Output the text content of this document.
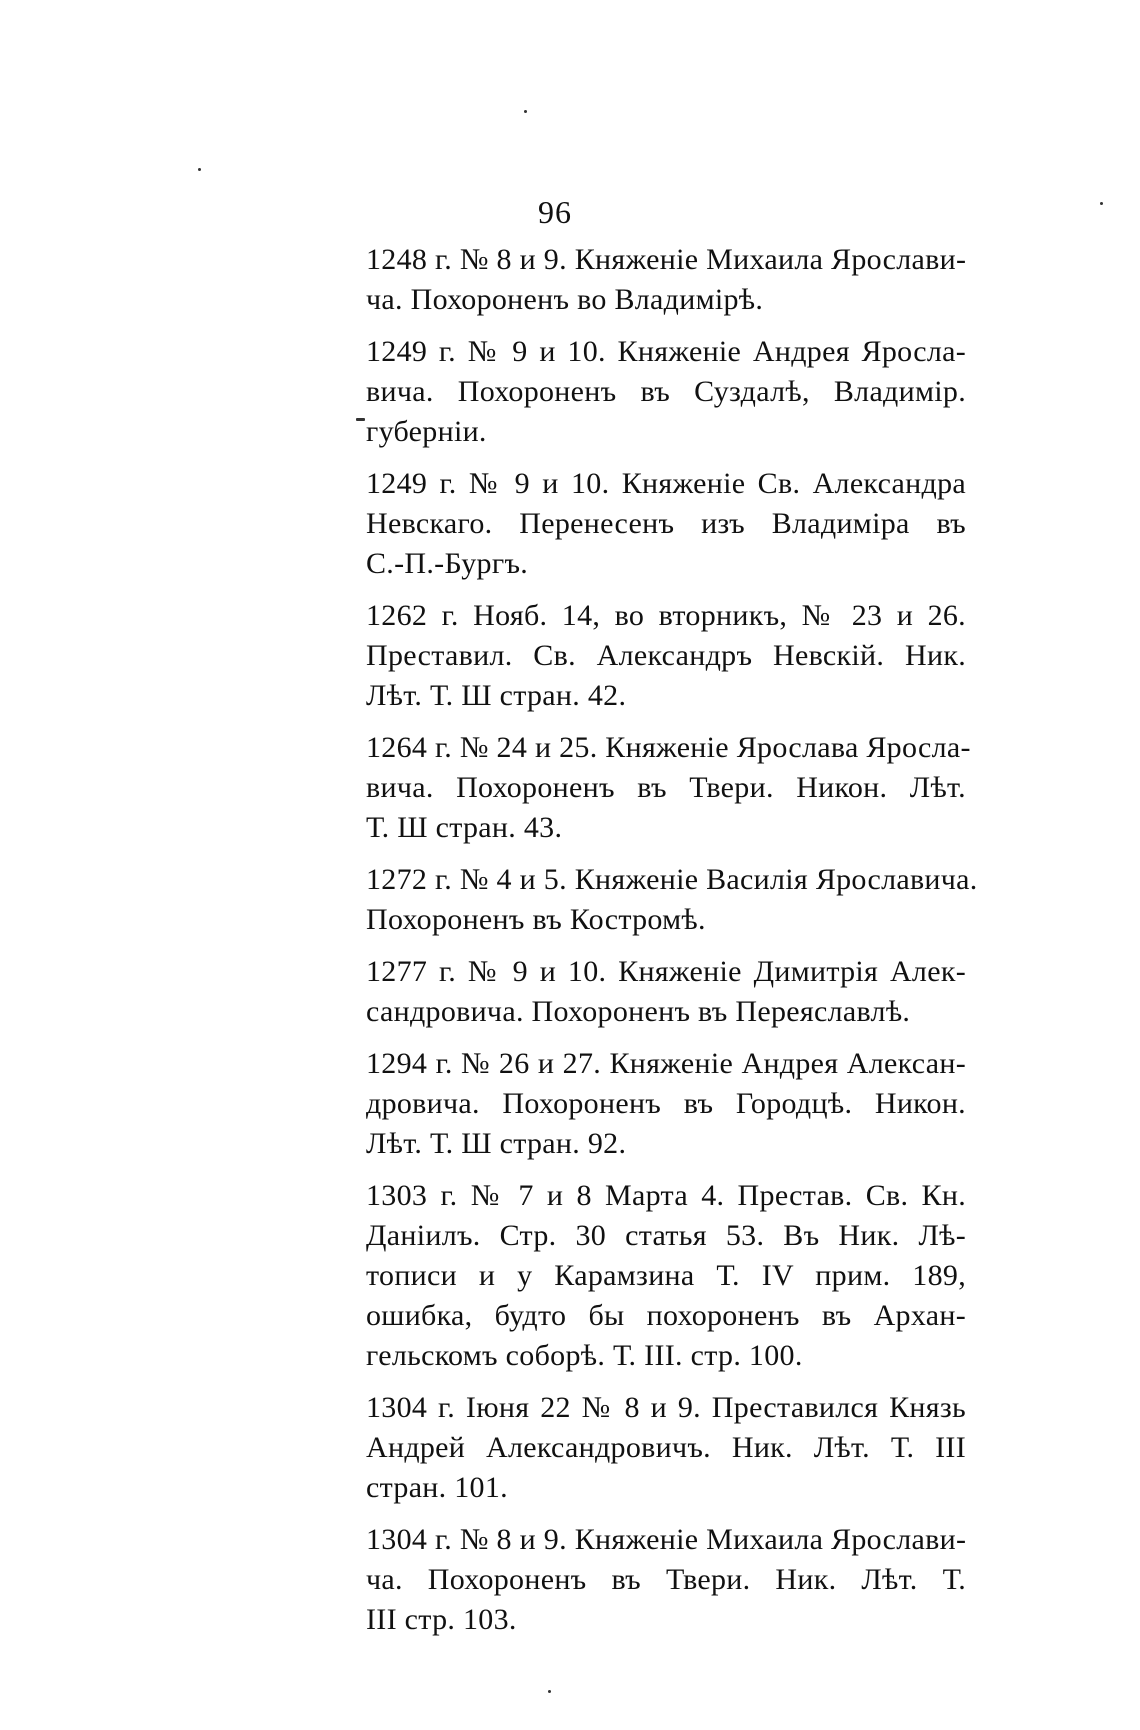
96
1248 г. № 8 и 9. Княженіе Михаила Ярослави-
ча. Похороненъ во Владимірѣ.
1249 г. № 9 и 10. Княженіе Андрея Яросла-
вича. Похороненъ въ Суздалѣ, Владимір.
губерніи.
1249 г. № 9 и 10. Княженіе Св. Александра
Невскаго. Перенесенъ изъ Владиміра въ
С.-П.-Бургъ.
1262 г. Нояб. 14, во вторникъ, № 23 и 26.
Преставил. Св. Александръ Невскій. Ник.
Лѣт. Т. Ш стран. 42.
1264 г. № 24 и 25. Княженіе Ярослава Яросла-
вича. Похороненъ въ Твери. Никон. Лѣт.
Т. Ш стран. 43.
1272 г. № 4 и 5. Княженіе Василія Ярославича.
Похороненъ въ Костромѣ.
1277 г. № 9 и 10. Княженіе Димитрія Алек-
сандровича. Похороненъ въ Переяславлѣ.
1294 г. № 26 и 27. Княженіе Андрея Алексан-
дровича. Похороненъ въ Городцѣ. Никон.
Лѣт. Т. Ш стран. 92.
1303 г. № 7 и 8 Марта 4. Престав. Св. Кн.
Даніилъ. Стр. 30 статья 53. Въ Ник. Лѣ-
тописи и у Карамзина Т. IV прим. 189,
ошибка, будто бы похороненъ въ Архан-
гельскомъ соборѣ. Т. III. стр. 100.
1304 г. Іюня 22 № 8 и 9. Преставился Князь
Андрей Александровичъ. Ник. Лѣт. Т. III
стран. 101.
1304 г. № 8 и 9. Княженіе Михаила Ярослави-
ча. Похороненъ въ Твери. Ник. Лѣт. Т.
III стр. 103.
